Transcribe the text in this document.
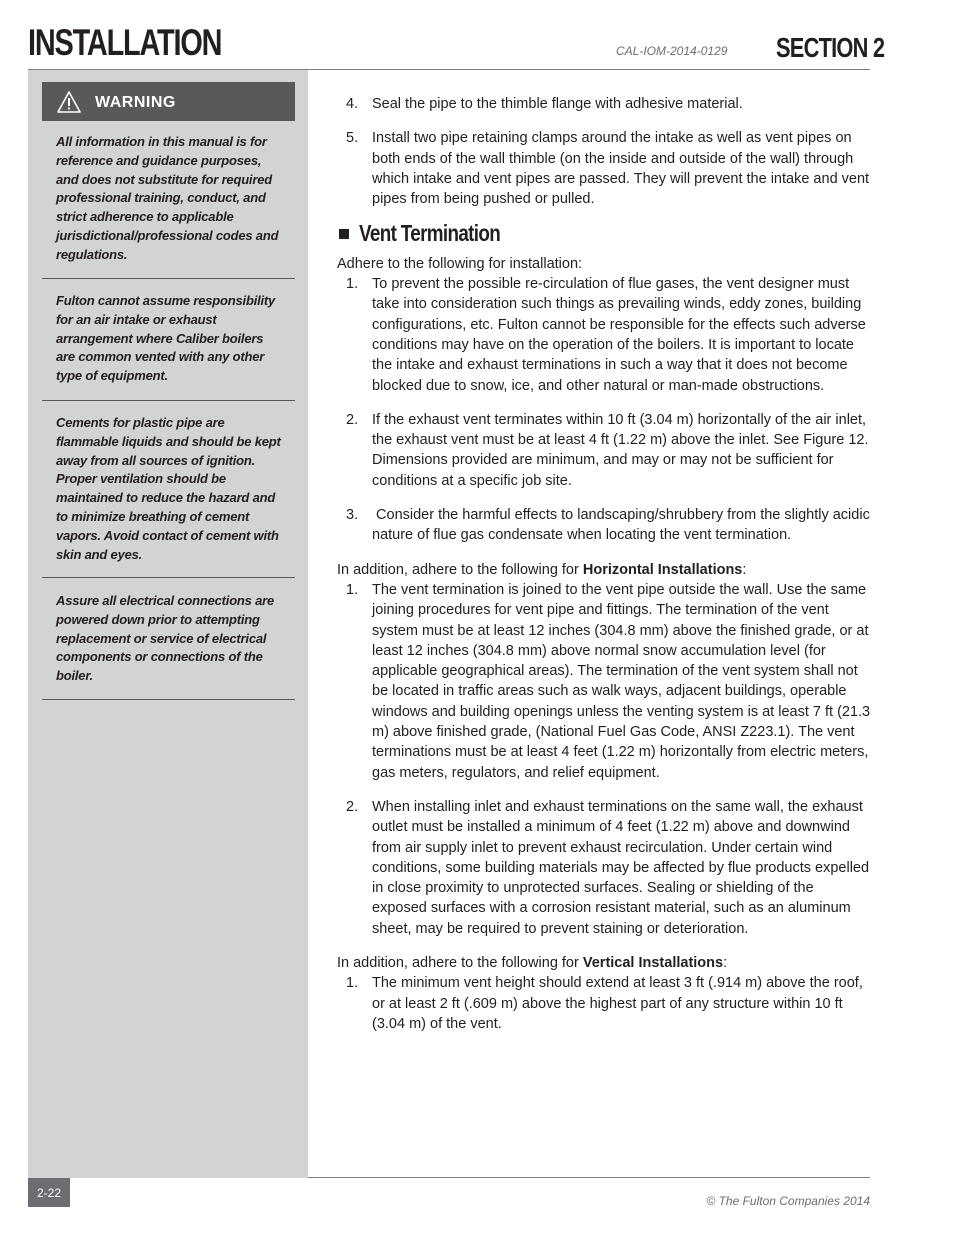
INSTALLATION	CAL-IOM-2014-0129 SECTION 2
WARNING
All information in this manual is for reference and guidance purposes, and does not substitute for required professional training, conduct, and strict adherence to applicable jurisdictional/professional codes and regulations.
Fulton cannot assume responsibility for an air intake or exhaust arrangement where Caliber boilers are common vented with any other type of equipment.
Cements for plastic pipe are flammable liquids and should be kept away from all sources of ignition. Proper ventilation should be maintained to reduce the hazard and to minimize breathing of cement vapors. Avoid contact of cement with skin and eyes.
Assure all electrical connections are powered down prior to attempting replacement or service of electrical components or connections of the boiler.
4. Seal the pipe to the thimble flange with adhesive material.

5. Install two pipe retaining clamps around the intake as well as vent pipes on both ends of the wall thimble (on the inside and outside of the wall) through which intake and vent pipes are passed. They will prevent the intake and vent pipes from being pushed or pulled.

Vent Termination

Adhere to the following for installation:

1. To prevent the possible re-circulation of flue gases, the vent designer must take into consideration such things as prevailing winds, eddy zones, building configurations, etc. Fulton cannot be responsible for the effects such adverse conditions may have on the operation of the boilers. It is important to locate the intake and exhaust terminations in such a way that it does not become blocked due to snow, ice, and other natural or man-made obstructions.

2. If the exhaust vent terminates within 10 ft (3.04 m) horizontally of the air inlet, the exhaust vent must be at least 4 ft (1.22 m) above the inlet. See Figure 12. Dimensions provided are minimum, and may or may not be sufficient for conditions at a specific job site.

3. Consider the harmful effects to landscaping/shrubbery from the slightly acidic nature of flue gas condensate when locating the vent termination.

In addition, adhere to the following for Horizontal Installations:

1. The vent termination is joined to the vent pipe outside the wall. Use the same joining procedures for vent pipe and fittings. The termination of the vent system must be at least 12 inches (304.8 mm) above the finished grade, or at least 12 inches (304.8 mm) above normal snow accumulation level (for applicable geographical areas). The termination of the vent system shall not be located in traffic areas such as walk ways, adjacent buildings, operable windows and building openings unless the venting system is at least 7 ft (21.3 m) above finished grade, (National Fuel Gas Code, ANSI Z223.1). The vent terminations must be at least 4 feet (1.22 m) horizontally from electric meters, gas meters, regulators, and relief equipment.

2. When installing inlet and exhaust terminations on the same wall, the exhaust outlet must be installed a minimum of 4 feet (1.22 m) above and downwind from air supply inlet to prevent exhaust recirculation. Under certain wind conditions, some building materials may be affected by flue products expelled in close proximity to unprotected surfaces. Sealing or shielding of the exposed surfaces with a corrosion resistant material, such as an aluminum sheet, may be required to prevent staining or deterioration.

In addition, adhere to the following for Vertical Installations:

1. The minimum vent height should extend at least 3 ft (.914 m) above the roof, or at least 2 ft (.609 m) above the highest part of any structure within 10 ft (3.04 m) of the vent.

2-22
© The Fulton Companies 2014
